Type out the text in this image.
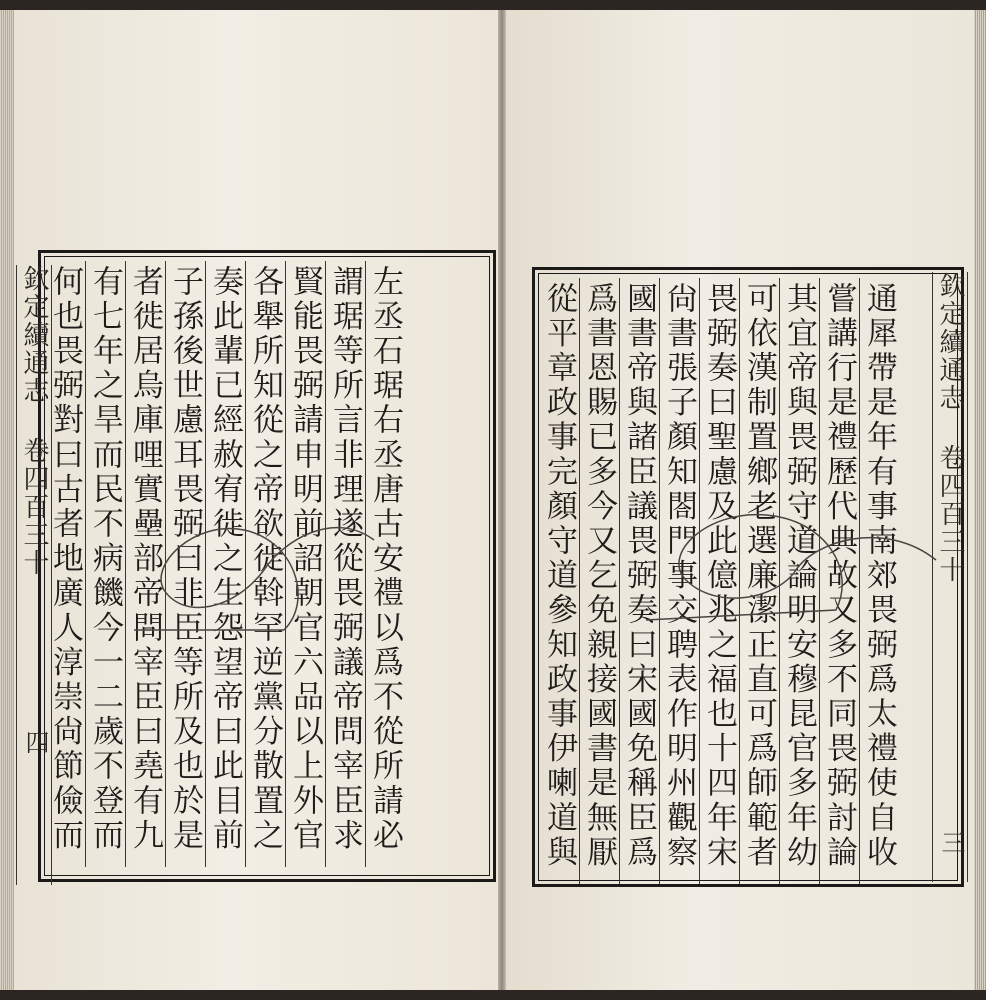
左丞石琚右丞唐古安禮以爲不從所請必
謂琚等所言非理遂從畏弼議帝問宰臣求
賢能畏弼請申明前詔朝官六品以上外官
各舉所知從之帝欲徙斡罕逆黨分散置之
奏此輩已經赦宥徙之生怨望帝曰此目前
子孫後世慮耳畏弼曰非臣等所及也於是
者徙居烏庫哩實壘部帝問宰臣曰堯有九
有七年之旱而民不病饑今一二歲不登而
何也畏弼對曰古者地廣人淳崇尙節儉而
欽定續通志 卷四百三十
四
通犀帶是年有事南郊畏弼爲太禮使自收
嘗講行是禮歷代典故又多不同畏弼討論
其宜帝與畏弼守道論明安穆昆官多年幼
可依漢制置鄉老選廉潔正直可爲師範者
畏弼奏曰聖慮及此億兆之福也十四年宋
尙書張子顏知閤門事交聘表作明州觀察
國書帝與諸臣議畏弼奏曰宋國免稱臣爲
爲書恩賜已多今又乞免親接國書是無厭
從平章政事完顏守道參知政事伊喇道與
欽定續通志 卷四百三十
三
